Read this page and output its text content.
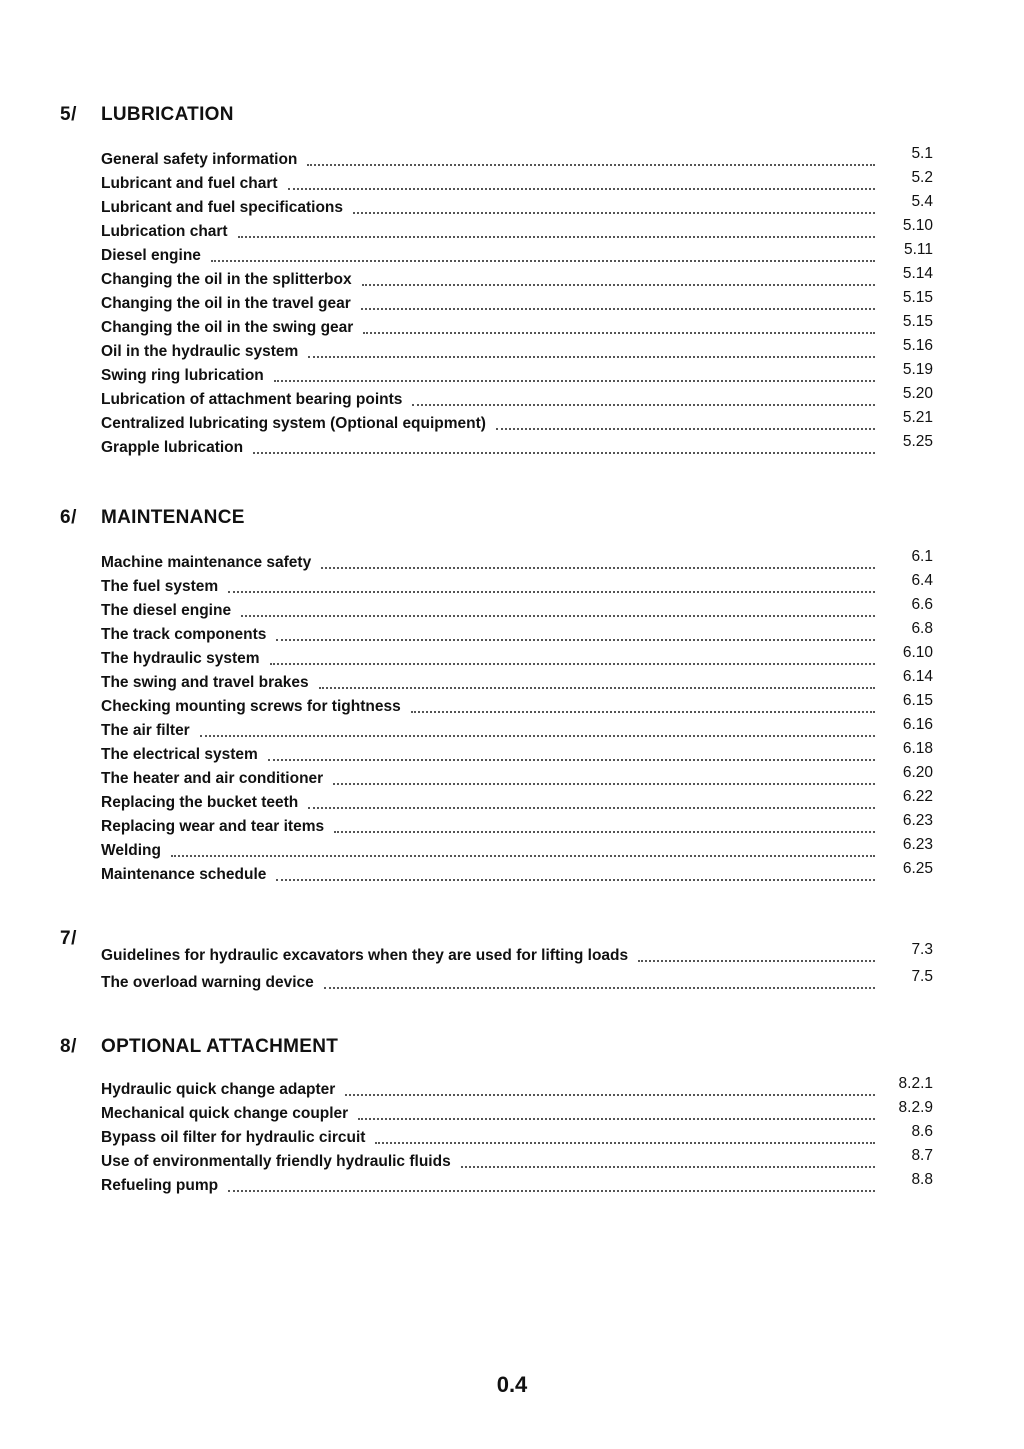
5/ LUBRICATION
General safety information	5.1
Lubricant and fuel chart	5.2
Lubricant and fuel specifications	5.4
Lubrication chart	5.10
Diesel engine	5.11
Changing the oil in the splitterbox	5.14
Changing the oil in the travel gear	5.15
Changing the oil in the swing gear	5.15
Oil in the hydraulic system	5.16
Swing ring lubrication	5.19
Lubrication of attachment bearing points	5.20
Centralized lubricating system (Optional equipment)	5.21
Grapple lubrication	5.25
6/ MAINTENANCE
Machine maintenance safety	6.1
The fuel system	6.4
The diesel engine	6.6
The track components	6.8
The hydraulic system	6.10
The swing and travel brakes	6.14
Checking mounting screws for tightness	6.15
The air filter	6.16
The electrical system	6.18
The heater and air conditioner	6.20
Replacing the bucket teeth	6.22
Replacing wear and tear items	6.23
Welding	6.23
Maintenance schedule	6.25
7/
Guidelines for hydraulic excavators when they are used for lifting loads	7.3
The overload warning device	7.5
8/ OPTIONAL ATTACHMENT
Hydraulic quick change adapter	8.2.1
Mechanical quick change coupler	8.2.9
Bypass oil filter for hydraulic circuit	8.6
Use of environmentally friendly hydraulic fluids	8.7
Refueling pump	8.8
0.4
